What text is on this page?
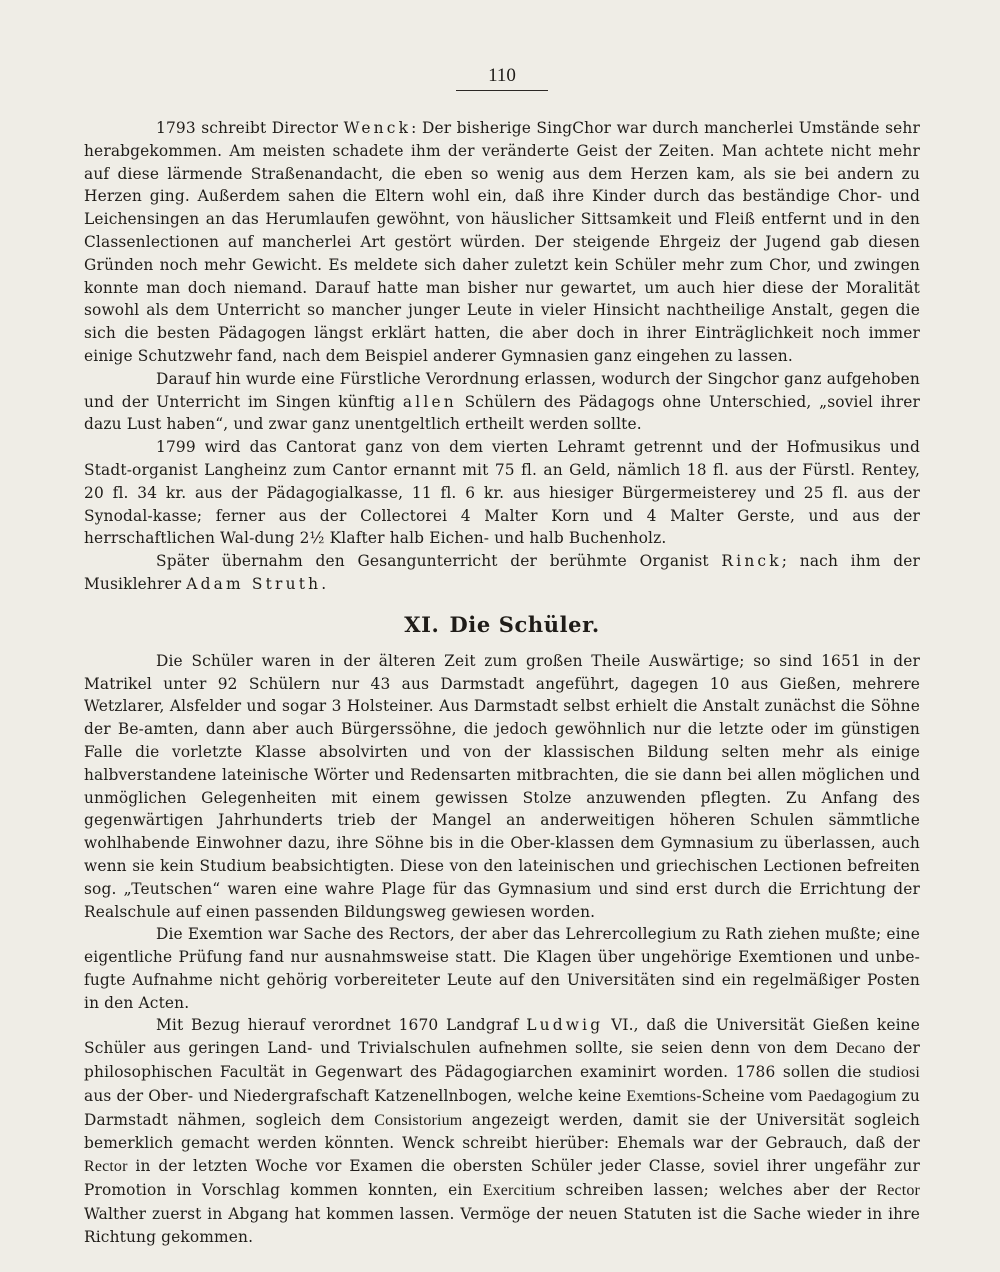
110

1793 schreibt Director Wenck: Der bisherige SingChor war durch mancherlei Umstände sehr herabgekommen. Am meisten schadete ihm der veränderte Geist der Zeiten. Man achtete nicht mehr auf diese lärmende Straßenandacht, die eben so wenig aus dem Herzen kam, als sie bei andern zu Herzen ging. Außerdem sahen die Eltern wohl ein, daß ihre Kinder durch das beständige Chor- und Leichensingen an das Herumlaufen gewöhnt, von häuslicher Sittsamkeit und Fleiß entfernt und in den Classenlectionen auf mancherlei Art gestört würden. Der steigende Ehrgeiz der Jugend gab diesen Gründen noch mehr Gewicht. Es meldete sich daher zuletzt kein Schüler mehr zum Chor, und zwingen konnte man doch niemand. Darauf hatte man bisher nur gewartet, um auch hier diese der Moralität sowohl als dem Unterricht so mancher junger Leute in vieler Hinsicht nachtheilige Anstalt, gegen die sich die besten Pädagogen längst erklärt hatten, die aber doch in ihrer Einträglichkeit noch immer einige Schutzwehr fand, nach dem Beispiel anderer Gymnasien ganz eingehen zu lassen.

Darauf hin wurde eine Fürstliche Verordnung erlassen, wodurch der Singchor ganz aufgehoben und der Unterricht im Singen künftig allen Schülern des Pädagogs ohne Unterschied, „soviel ihrer dazu Lust haben“, und zwar ganz unentgeltlich ertheilt werden sollte.

1799 wird das Cantorat ganz von dem vierten Lehramt getrennt und der Hofmusikus und Stadt-organist Langheinz zum Cantor ernannt mit 75 fl. an Geld, nämlich 18 fl. aus der Fürstl. Rentey, 20 fl. 34 kr. aus der Pädagogialkasse, 11 fl. 6 kr. aus hiesiger Bürgermeisterey und 25 fl. aus der Synodal-kasse; ferner aus der Collectorei 4 Malter Korn und 4 Malter Gerste, und aus der herrschaftlichen Wal-dung 2½ Klafter halb Eichen- und halb Buchenholz.

Später übernahm den Gesangunterricht der berühmte Organist Rinck; nach ihm der Musiklehrer Adam Struth.

XI. Die Schüler.

Die Schüler waren in der älteren Zeit zum großen Theile Auswärtige; so sind 1651 in der Matrikel unter 92 Schülern nur 43 aus Darmstadt angeführt, dagegen 10 aus Gießen, mehrere Wetzlarer, Alsfelder und sogar 3 Holsteiner. Aus Darmstadt selbst erhielt die Anstalt zunächst die Söhne der Be-amten, dann aber auch Bürgerssöhne, die jedoch gewöhnlich nur die letzte oder im günstigen Falle die vorletzte Klasse absolvirten und von der klassischen Bildung selten mehr als einige halbverstandene lateinische Wörter und Redensarten mitbrachten, die sie dann bei allen möglichen und unmöglichen Gelegenheiten mit einem gewissen Stolze anzuwenden pflegten. Zu Anfang des gegenwärtigen Jahrhunderts trieb der Mangel an anderweitigen höheren Schulen sämmtliche wohlhabende Einwohner dazu, ihre Söhne bis in die Ober-klassen dem Gymnasium zu überlassen, auch wenn sie kein Studium beabsichtigten. Diese von den lateinischen und griechischen Lectionen befreiten sog. „Teutschen“ waren eine wahre Plage für das Gymnasium und sind erst durch die Errichtung der Realschule auf einen passenden Bildungsweg gewiesen worden.

Die Exemtion war Sache des Rectors, der aber das Lehrercollegium zu Rath ziehen mußte; eine eigentliche Prüfung fand nur ausnahmsweise statt. Die Klagen über ungehörige Exemtionen und unbe-fugte Aufnahme nicht gehörig vorbereiteter Leute auf den Universitäten sind ein regelmäßiger Posten in den Acten.

Mit Bezug hierauf verordnet 1670 Landgraf Ludwig VI., daß die Universität Gießen keine Schüler aus geringen Land- und Trivialschulen aufnehmen sollte, sie seien denn von dem Decano der philosophischen Facultät in Gegenwart des Pädagogiarchen examinirt worden. 1786 sollen die studiosi aus der Ober- und Niedergrafschaft Katzenellnbogen, welche keine Exemtions-Scheine vom Paedagogium zu Darmstadt nähmen, sogleich dem Consistorium angezeigt werden, damit sie der Universität sogleich bemerklich gemacht werden könnten. Wenck schreibt hierüber: Ehemals war der Gebrauch, daß der Rector in der letzten Woche vor Examen die obersten Schüler jeder Classe, soviel ihrer ungefähr zur Promotion in Vorschlag kommen konnten, ein Exercitium schreiben lassen; welches aber der Rector Walther zuerst in Abgang hat kommen lassen. Vermöge der neuen Statuten ist die Sache wieder in ihre Richtung gekommen.
